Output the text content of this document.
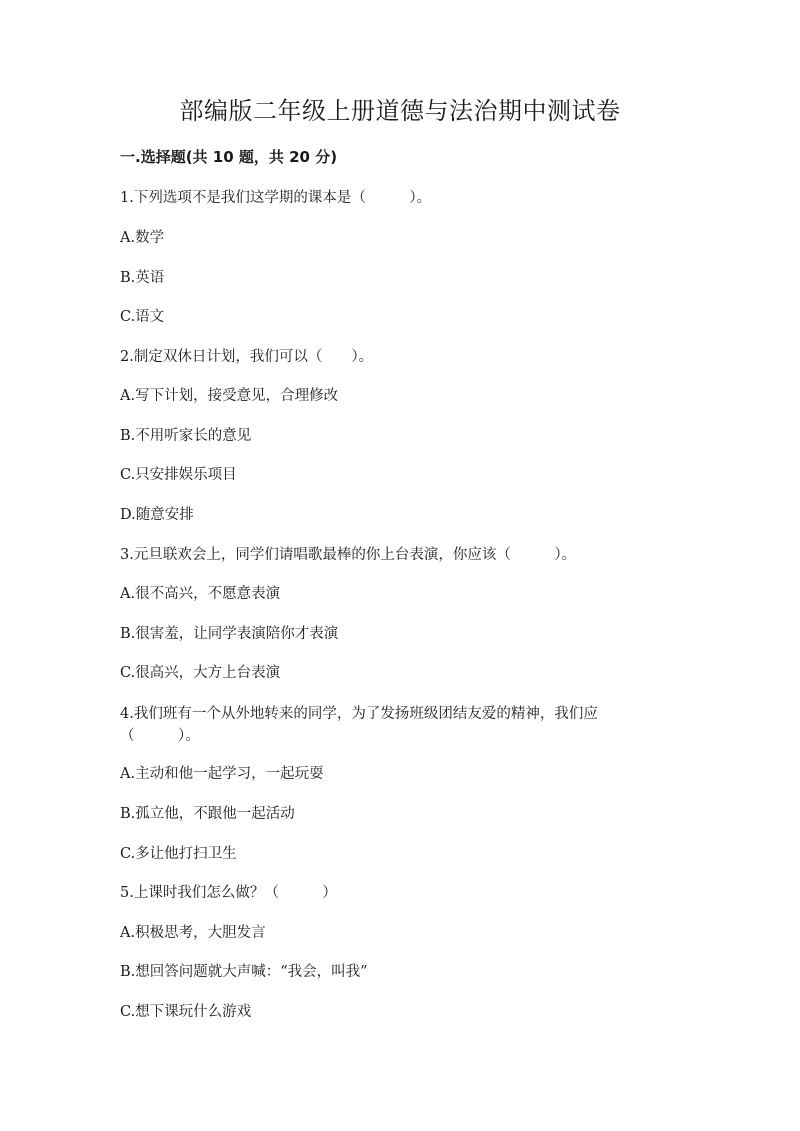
部编版二年级上册道德与法治期中测试卷
一.选择题(共 10 题，共 20 分)
1.下列选项不是我们这学期的课本是（　　　）。
A.数学
B.英语
C.语文
2.制定双休日计划，我们可以（　　）。
A.写下计划，接受意见，合理修改
B.不用听家长的意见
C.只安排娱乐项目
D.随意安排
3.元旦联欢会上，同学们请唱歌最棒的你上台表演，你应该（　　　）。
A.很不高兴，不愿意表演
B.很害羞，让同学表演陪你才表演
C.很高兴，大方上台表演
4.我们班有一个从外地转来的同学，为了发扬班级团结友爱的精神，我们应
（　　　）。
A.主动和他一起学习，一起玩耍
B.孤立他，不跟他一起活动
C.多让他打扫卫生
5.上课时我们怎么做？（　　　）
A.积极思考，大胆发言
B.想回答问题就大声喊：“我会，叫我”
C.想下课玩什么游戏
